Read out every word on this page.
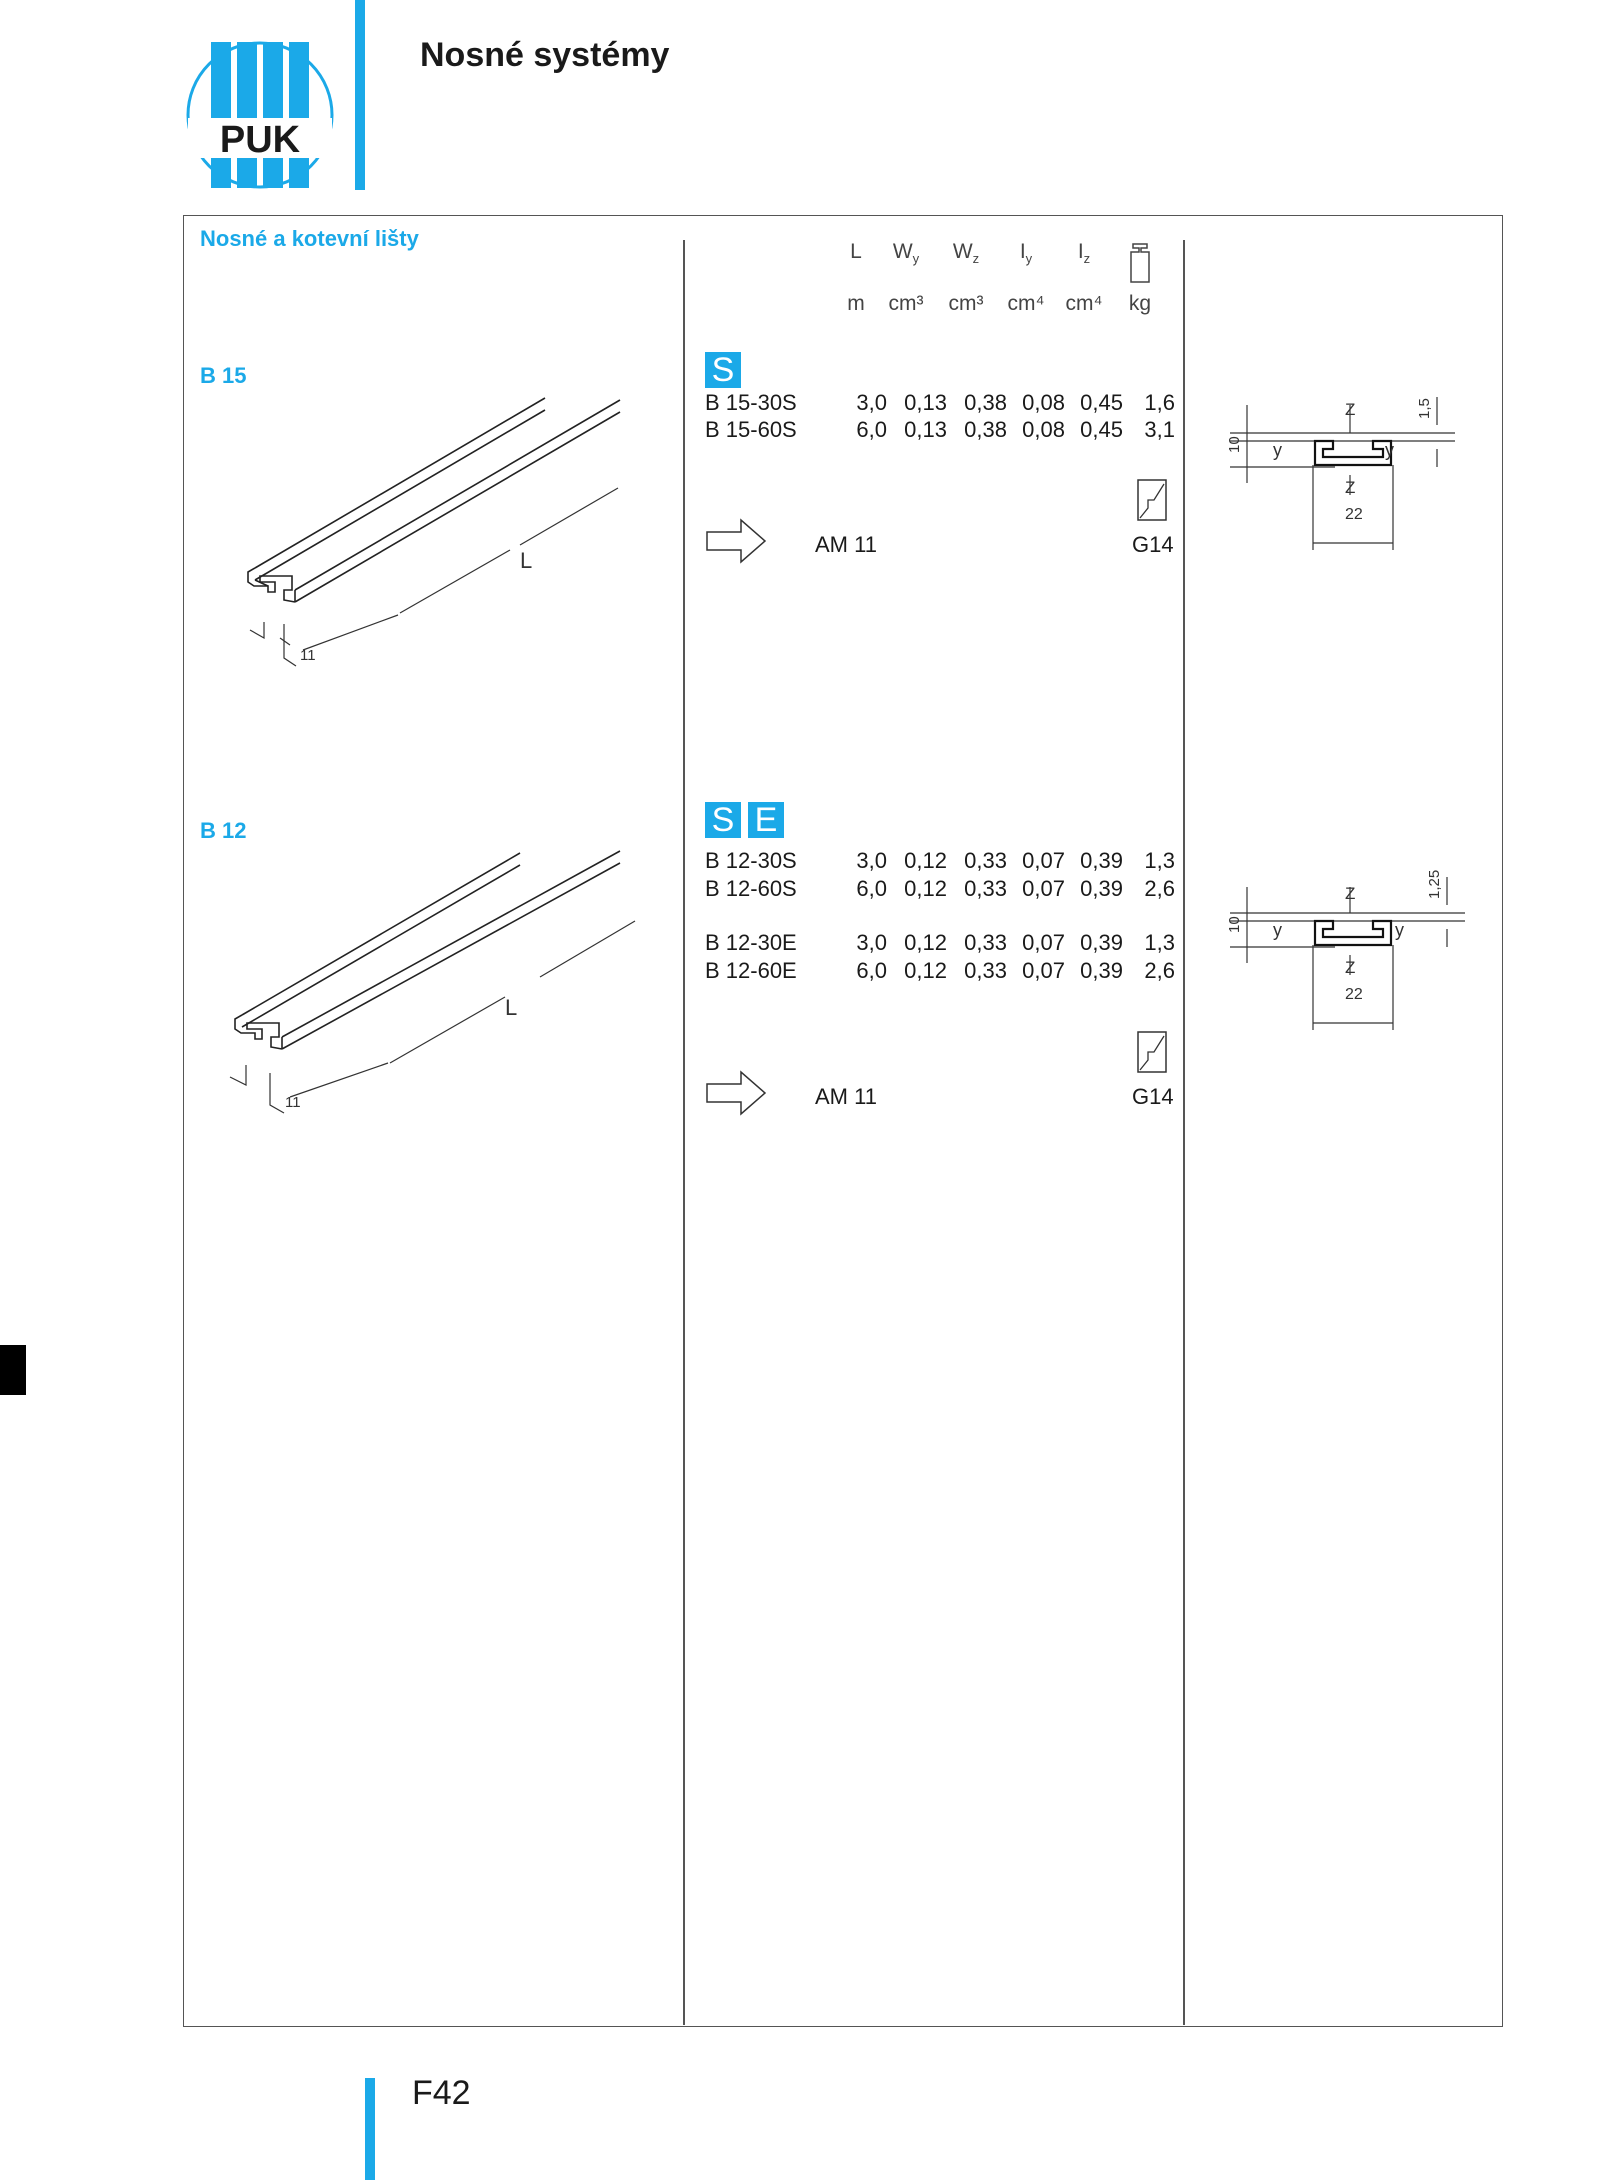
PUK
Nosné systémy
Nosné a kotevní lišty
L	$W_y$	$W_z$	$I_y$	$I_z$
m	cm³	cm³	cm⁴ cm⁴	kg
B 15
L
11
S
B 15-30S	3,0 0,13 0,38 0,08 0,45 1,6
B 15-60S	6,0 0,13 0,38 0,08 0,45 3,1
AM 11	G14
Z
Z
y	y
22
10
1,5
B 12
L
11
S E
B 12-30S	3,0 0,12 0,33 0,07 0,39 1,3
B 12-60S	6,0 0,12 0,33 0,07 0,39 2,6
B 12-30E	3,0 0,12 0,33 0,07 0,39 1,3
B 12-60E	6,0 0,12 0,33 0,07 0,39 2,6
AM 11	G14
Z
Z
y	y
22
10
1,25
F42
